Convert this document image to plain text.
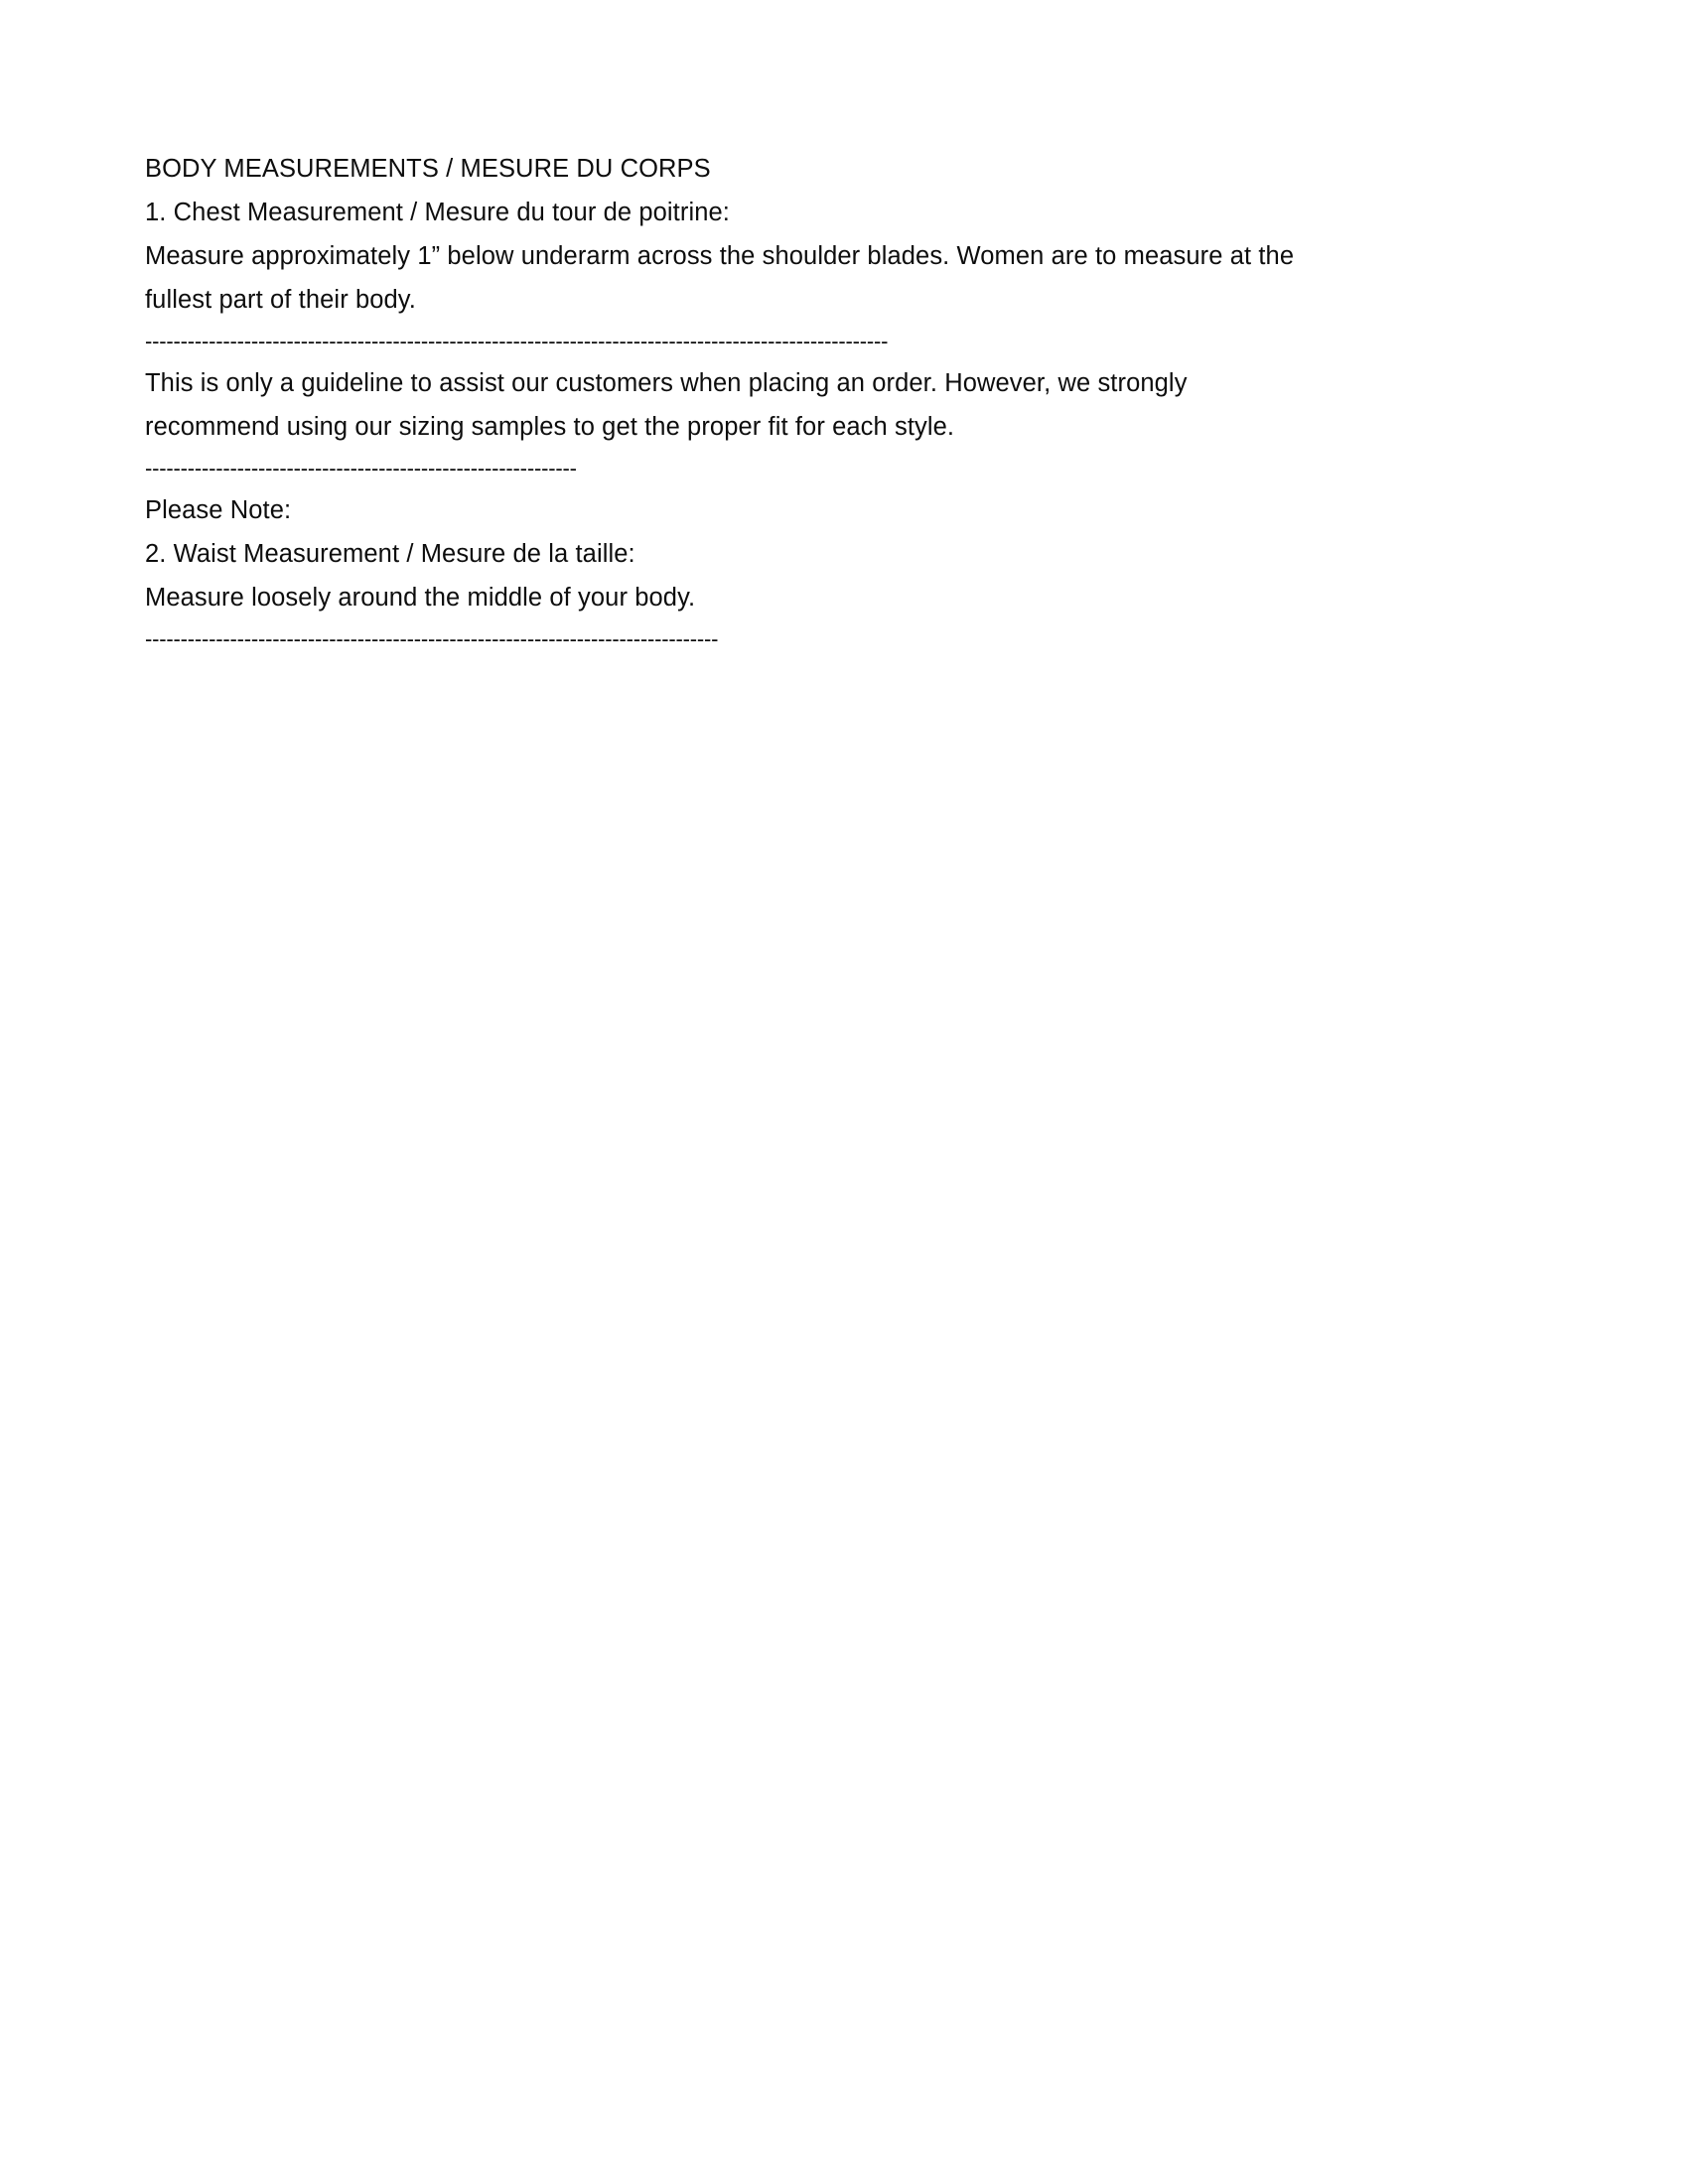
BODY MEASUREMENTS / MESURE DU CORPS
1. Chest Measurement / Mesure du tour de poitrine:
Measure approximately 1” below underarm across the shoulder blades. Women are to measure at the fullest part of their body.
---------------------------------------------------------------------------------------------------------
This is only a guideline to assist our customers when placing an order. However, we strongly recommend using our sizing samples to get the proper fit for each style.
-------------------------------------------------------------
Please Note:
2. Waist Measurement / Mesure de la taille:
Measure loosely around the middle of your body.
---------------------------------------------------------------------------------
